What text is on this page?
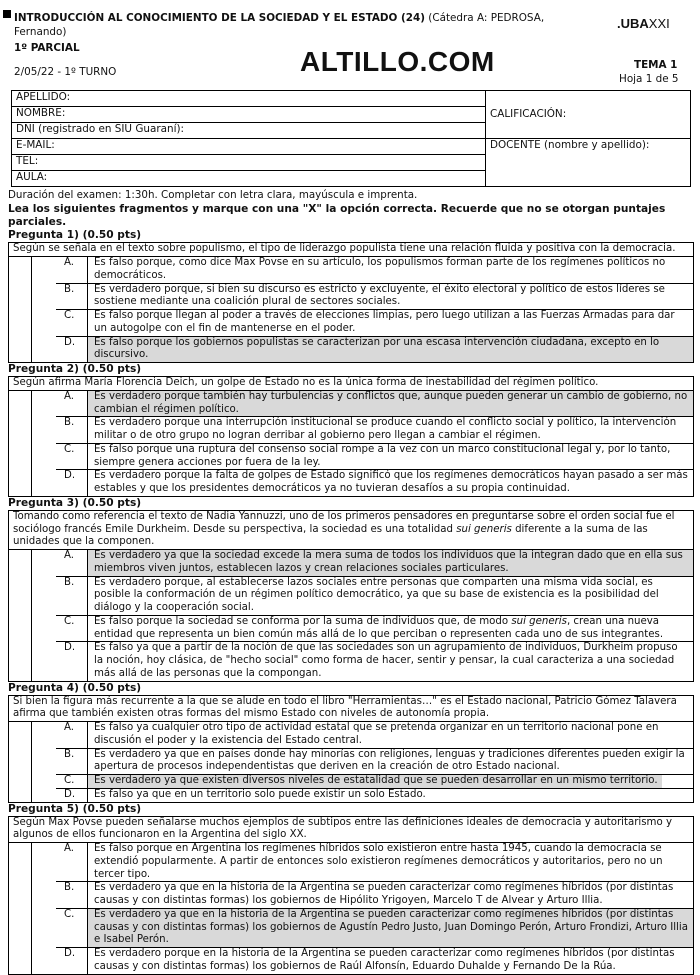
INTRODUCCIÓN AL CONOCIMIENTO DE LA SOCIEDAD Y EL ESTADO (24) (Cátedra A: PEDROSA, Fernando)
1º PARCIAL
2/05/22 - 1º TURNO	ALTILLO.COM
.UBAXXI
TEMA 1
Hoja 1 de 5
APELLIDO:	CALIFICACIÓN:
NOMBRE:	
DNI (registrado en SIU Guaraní):	
E-MAIL:	DOCENTE (nombre y apellido):
TEL:	
AULA:	

Duración del examen: 1:30h. Completar con letra clara, mayúscula e imprenta.

Lea los siguientes fragmentos y marque con una "X" la opción correcta. Recuerde que no se otorgan puntajes parciales.

Pregunta 1) (0.50 pts)

Según se señala en el texto sobre populismo, el tipo de liderazgo populista tiene una relación fluida y positiva con la democracia.
A.	Es falso porque, como dice Max Povse en su artículo, los populismos forman parte de los regímenes políticos no democráticos.
B.	Es verdadero porque, si bien su discurso es estricto y excluyente, el éxito electoral y político de estos líderes se sostiene mediante una coalición plural de sectores sociales.
C.	Es falso porque llegan al poder a través de elecciones limpias, pero luego utilizan a las Fuerzas Armadas para dar un autogolpe con el fin de mantenerse en el poder.
D.	Es falso porque los gobiernos populistas se caracterizan por una escasa intervención ciudadana, excepto en lo discursivo.

Pregunta 2) (0.50 pts)

Según afirma María Florencia Deich, un golpe de Estado no es la única forma de inestabilidad del régimen político.
A.	Es verdadero porque también hay turbulencias y conflictos que, aunque pueden generar un cambio de gobierno, no cambian el régimen político.
B.	Es verdadero porque una interrupción institucional se produce cuando el conflicto social y político, la intervención militar o de otro grupo no logran derribar al gobierno pero llegan a cambiar el régimen.
C.	Es falso porque una ruptura del consenso social rompe a la vez con un marco constitucional legal y, por lo tanto, siempre genera acciones por fuera de la ley.
D.	Es verdadero porque la falta de golpes de Estado significó que los regímenes democráticos hayan pasado a ser más estables y que los presidentes democráticos ya no tuvieran desafíos a su propia continuidad.

Pregunta 3) (0.50 pts)

Tomando como referencia el texto de Nadia Yannuzzi, uno de los primeros pensadores en preguntarse sobre el orden social fue el sociólogo francés Emile Durkheim. Desde su perspectiva, la sociedad es una totalidad sui generis diferente a la suma de las unidades que la componen.
A.	Es verdadero ya que la sociedad excede la mera suma de todos los individuos que la integran dado que en ella sus miembros viven juntos, establecen lazos y crean relaciones sociales particulares.
B.	Es verdadero porque, al establecerse lazos sociales entre personas que comparten una misma vida social, es posible la conformación de un régimen político democrático, ya que su base de existencia es la posibilidad del diálogo y la cooperación social.
C.	Es falso porque la sociedad se conforma por la suma de individuos que, de modo sui generis, crean una nueva entidad que representa un bien común más allá de lo que perciban o representen cada uno de sus integrantes.
D.	Es falso ya que a partir de la noción de que las sociedades son un agrupamiento de individuos, Durkheim propuso la noción, hoy clásica, de "hecho social" como forma de hacer, sentir y pensar, la cual caracteriza a una sociedad más allá de las personas que la compongan.

Pregunta 4) (0.50 pts)

Si bien la figura más recurrente a la que se alude en todo el libro "Herramientas…" es el Estado nacional, Patricio Gómez Talavera afirma que también existen otras formas del mismo Estado con niveles de autonomía propia.
A.	Es falso ya cualquier otro tipo de actividad estatal que se pretenda organizar en un territorio nacional pone en discusión el poder y la existencia del Estado central.
B.	Es verdadero ya que en países donde hay minorías con religiones, lenguas y tradiciones diferentes pueden exigir la apertura de procesos independentistas que deriven en la creación de otro Estado nacional.
C.	Es verdadero ya que existen diversos niveles de estatalidad que se pueden desarrollar en un mismo territorio.
D.	Es falso ya que en un territorio solo puede existir un solo Estado.

Pregunta 5) (0.50 pts)

Según Max Povse pueden señalarse muchos ejemplos de subtipos entre las definiciones ideales de democracia y autoritarismo y algunos de ellos funcionaron en la Argentina del siglo XX.
A.	Es falso porque en Argentina los regímenes híbridos solo existieron entre hasta 1945, cuando la democracia se extendió popularmente. A partir de entonces solo existieron regímenes democráticos y autoritarios, pero no un tercer tipo.
B.	Es verdadero ya que en la historia de la Argentina se pueden caracterizar como regímenes híbridos (por distintas causas y con distintas formas) los gobiernos de Hipólito Yrigoyen, Marcelo T de Alvear y Arturo Illia.
C.	Es verdadero ya que en la historia de la Argentina se pueden caracterizar como regímenes híbridos (por distintas causas y con distintas formas) los gobiernos de Agustín Pedro Justo, Juan Domingo Perón, Arturo Frondizi, Arturo Illia e Isabel Perón.
D.	Es verdadero porque en la historia de la Argentina se pueden caracterizar como regímenes híbridos (por distintas causas y con distintas formas) los gobiernos de Raúl Alfonsín, Eduardo Duhalde y Fernando De la Rúa.
